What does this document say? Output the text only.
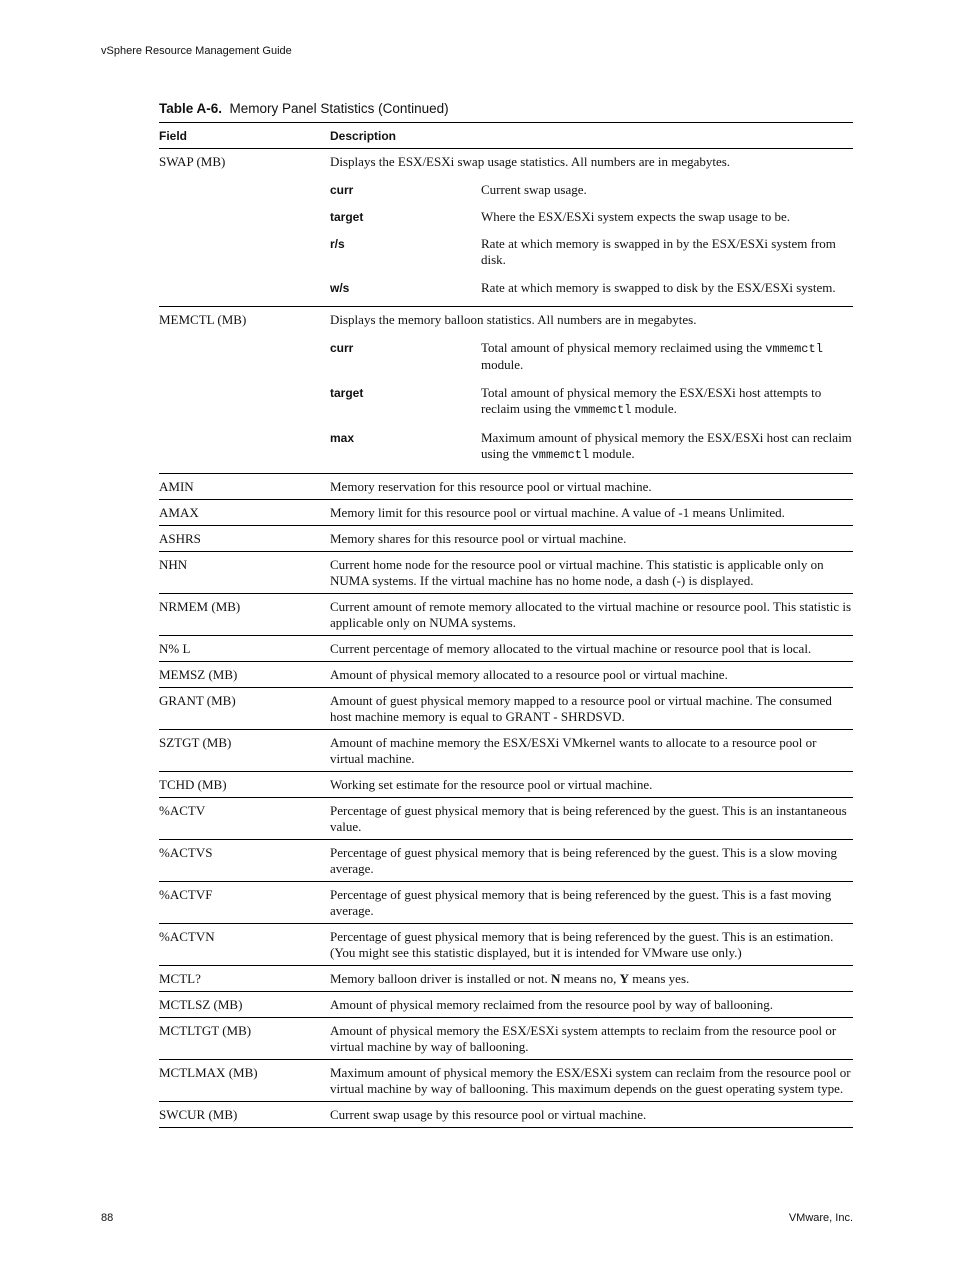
vSphere Resource Management Guide
Table A-6. Memory Panel Statistics (Continued)
Field	Description
SWAP (MB)	Displays the ESX/ESXi swap usage statistics. All numbers are in megabytes.
curr	Current swap usage.
target	Where the ESX/ESXi system expects the swap usage to be.
r/s	Rate at which memory is swapped in by the ESX/ESXi system from disk.
w/s	Rate at which memory is swapped to disk by the ESX/ESXi system.
MEMCTL (MB)	Displays the memory balloon statistics. All numbers are in megabytes.
curr	Total amount of physical memory reclaimed using the vmmemctl module.
target	Total amount of physical memory the ESX/ESXi host attempts to reclaim using the vmmemctl module.
max	Maximum amount of physical memory the ESX/ESXi host can reclaim using the vmmemctl module.
AMIN	Memory reservation for this resource pool or virtual machine.
AMAX	Memory limit for this resource pool or virtual machine. A value of -1 means Unlimited.
ASHRS	Memory shares for this resource pool or virtual machine.
NHN	Current home node for the resource pool or virtual machine. This statistic is applicable only on NUMA systems. If the virtual machine has no home node, a dash (-) is displayed.
NRMEM (MB)	Current amount of remote memory allocated to the virtual machine or resource pool. This statistic is applicable only on NUMA systems.
N% L	Current percentage of memory allocated to the virtual machine or resource pool that is local.
MEMSZ (MB)	Amount of physical memory allocated to a resource pool or virtual machine.
GRANT (MB)	Amount of guest physical memory mapped to a resource pool or virtual machine. The consumed host machine memory is equal to GRANT - SHRDSVD.
SZTGT (MB)	Amount of machine memory the ESX/ESXi VMkernel wants to allocate to a resource pool or virtual machine.
TCHD (MB)	Working set estimate for the resource pool or virtual machine.
%ACTV	Percentage of guest physical memory that is being referenced by the guest. This is an instantaneous value.
%ACTVS	Percentage of guest physical memory that is being referenced by the guest. This is a slow moving average.
%ACTVF	Percentage of guest physical memory that is being referenced by the guest. This is a fast moving average.
%ACTVN	Percentage of guest physical memory that is being referenced by the guest. This is an estimation. (You might see this statistic displayed, but it is intended for VMware use only.)
MCTL?	Memory balloon driver is installed or not. N means no, Y means yes.
MCTLSZ (MB)	Amount of physical memory reclaimed from the resource pool by way of ballooning.
MCTLTGT (MB)	Amount of physical memory the ESX/ESXi system attempts to reclaim from the resource pool or virtual machine by way of ballooning.
MCTLMAX (MB)	Maximum amount of physical memory the ESX/ESXi system can reclaim from the resource pool or virtual machine by way of ballooning. This maximum depends on the guest operating system type.
SWCUR (MB)	Current swap usage by this resource pool or virtual machine.
88	VMware, Inc.
